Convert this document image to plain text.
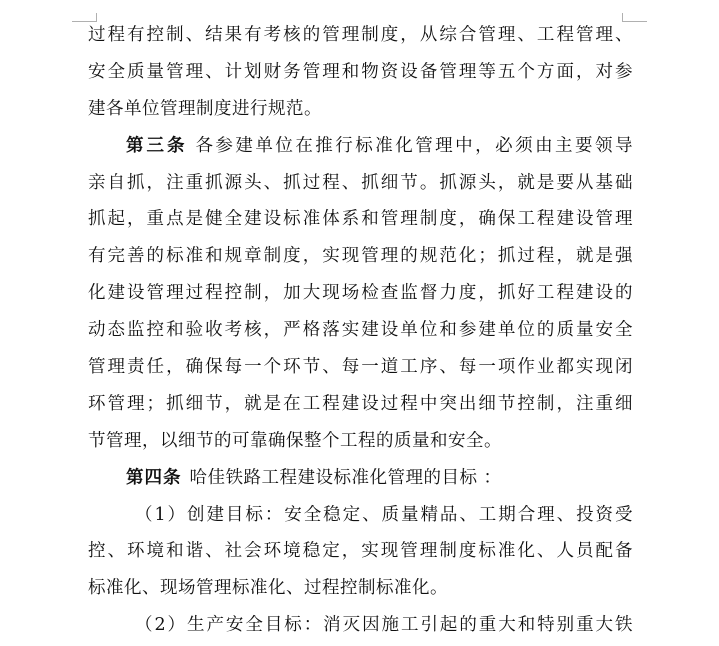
过程有控制、结果有考核的管理制度，从综合管理、工程管理、
安全质量管理、计划财务管理和物资设备管理等五个方面，对参
建各单位管理制度进行规范。
第三条 各参建单位在推行标准化管理中，必须由主要领导
亲自抓，注重抓源头、抓过程、抓细节。抓源头，就是要从基础
抓起，重点是健全建设标准体系和管理制度，确保工程建设管理
有完善的标准和规章制度，实现管理的规范化；抓过程，就是强
化建设管理过程控制，加大现场检查监督力度，抓好工程建设的
动态监控和验收考核，严格落实建设单位和参建单位的质量安全
管理责任，确保每一个环节、每一道工序、每一项作业都实现闭
环管理；抓细节，就是在工程建设过程中突出细节控制，注重细
节管理，以细节的可靠确保整个工程的质量和安全。
第四条 哈佳铁路工程建设标准化管理的目标 ：
（1）创建目标：安全稳定、质量精品、工期合理、投资受
控、环境和谐、社会环境稳定，实现管理制度标准化、人员配备
标准化、现场管理标准化、过程控制标准化。
（2）生产安全目标：消灭因施工引起的重大和特别重大铁
